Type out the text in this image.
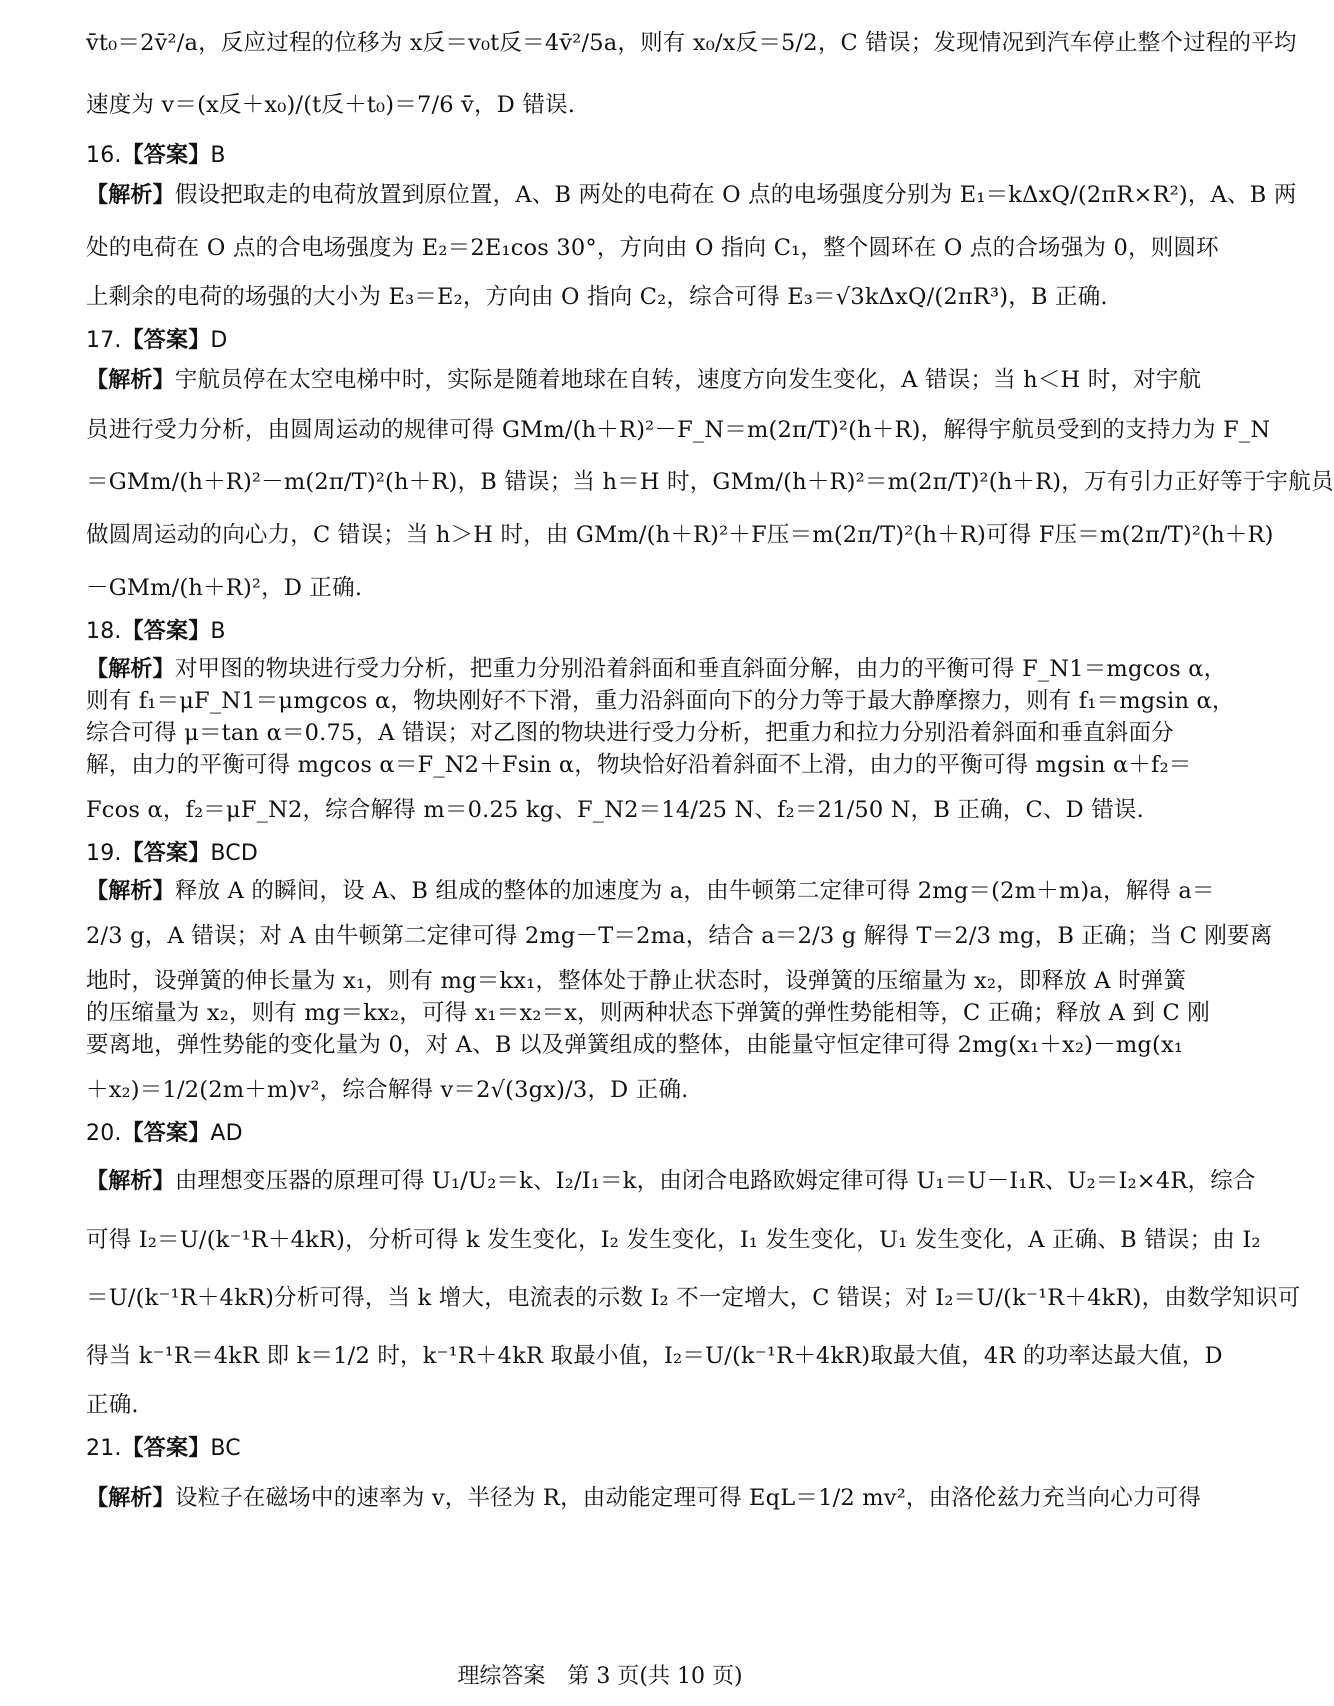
v̄t₀＝2v̄²/a，反应过程的位移为 x反＝v₀t反＝4v̄²/5a，则有 x₀/x反＝5/2，C 错误；发现情况到汽车停止整个过程的平均
速度为 v＝(x反＋x₀)/(t反＋t₀)＝7/6 v̄，D 错误.
16.【答案】B
【解析】假设把取走的电荷放置到原位置，A、B 两处的电荷在 O 点的电场强度分别为 E₁＝kΔxQ/(2πR×R²)，A、B 两
处的电荷在 O 点的合电场强度为 E₂＝2E₁cos 30°，方向由 O 指向 C₁，整个圆环在 O 点的合场强为 0，则圆环
上剩余的电荷的场强的大小为 E₃＝E₂，方向由 O 指向 C₂，综合可得 E₃＝√3kΔxQ/(2πR³)，B 正确.
17.【答案】D
【解析】宇航员停在太空电梯中时，实际是随着地球在自转，速度方向发生变化，A 错误；当 h＜H 时，对宇航
员进行受力分析，由圆周运动的规律可得 GMm/(h＋R)²－F_N＝m(2π/T)²(h＋R)，解得宇航员受到的支持力为 F_N
＝GMm/(h＋R)²－m(2π/T)²(h＋R)，B 错误；当 h＝H 时，GMm/(h＋R)²＝m(2π/T)²(h＋R)，万有引力正好等于宇航员
做圆周运动的向心力，C 错误；当 h＞H 时，由 GMm/(h＋R)²＋F压＝m(2π/T)²(h＋R)可得 F压＝m(2π/T)²(h＋R)
－GMm/(h＋R)²，D 正确.
18.【答案】B
【解析】对甲图的物块进行受力分析，把重力分别沿着斜面和垂直斜面分解，由力的平衡可得 F_N1＝mgcos α，
则有 f₁＝μF_N1＝μmgcos α，物块刚好不下滑，重力沿斜面向下的分力等于最大静摩擦力，则有 f₁＝mgsin α，
综合可得 μ＝tan α＝0.75，A 错误；对乙图的物块进行受力分析，把重力和拉力分别沿着斜面和垂直斜面分
解，由力的平衡可得 mgcos α＝F_N2＋Fsin α，物块恰好沿着斜面不上滑，由力的平衡可得 mgsin α＋f₂＝
Fcos α，f₂＝μF_N2，综合解得 m＝0.25 kg、F_N2＝14/25 N、f₂＝21/50 N，B 正确，C、D 错误.
19.【答案】BCD
【解析】释放 A 的瞬间，设 A、B 组成的整体的加速度为 a，由牛顿第二定律可得 2mg＝(2m＋m)a，解得 a＝
2/3 g，A 错误；对 A 由牛顿第二定律可得 2mg－T＝2ma，结合 a＝2/3 g 解得 T＝2/3 mg，B 正确；当 C 刚要离
地时，设弹簧的伸长量为 x₁，则有 mg＝kx₁，整体处于静止状态时，设弹簧的压缩量为 x₂，即释放 A 时弹簧
的压缩量为 x₂，则有 mg＝kx₂，可得 x₁＝x₂＝x，则两种状态下弹簧的弹性势能相等，C 正确；释放 A 到 C 刚
要离地，弹性势能的变化量为 0，对 A、B 以及弹簧组成的整体，由能量守恒定律可得 2mg(x₁＋x₂)－mg(x₁
＋x₂)＝1/2(2m＋m)v²，综合解得 v＝2√(3gx)/3，D 正确.
20.【答案】AD
【解析】由理想变压器的原理可得 U₁/U₂＝k、I₂/I₁＝k，由闭合电路欧姆定律可得 U₁＝U－I₁R、U₂＝I₂×4R，综合
可得 I₂＝U/(k⁻¹R＋4kR)，分析可得 k 发生变化，I₂ 发生变化，I₁ 发生变化，U₁ 发生变化，A 正确、B 错误；由 I₂
＝U/(k⁻¹R＋4kR)分析可得，当 k 增大，电流表的示数 I₂ 不一定增大，C 错误；对 I₂＝U/(k⁻¹R＋4kR)，由数学知识可
得当 k⁻¹R＝4kR 即 k＝1/2 时，k⁻¹R＋4kR 取最小值，I₂＝U/(k⁻¹R＋4kR)取最大值，4R 的功率达最大值，D
正确.
21.【答案】BC
【解析】设粒子在磁场中的速率为 v，半径为 R，由动能定理可得 EqL＝1/2 mv²，由洛伦兹力充当向心力可得
理综答案　第 3 页(共 10 页)
